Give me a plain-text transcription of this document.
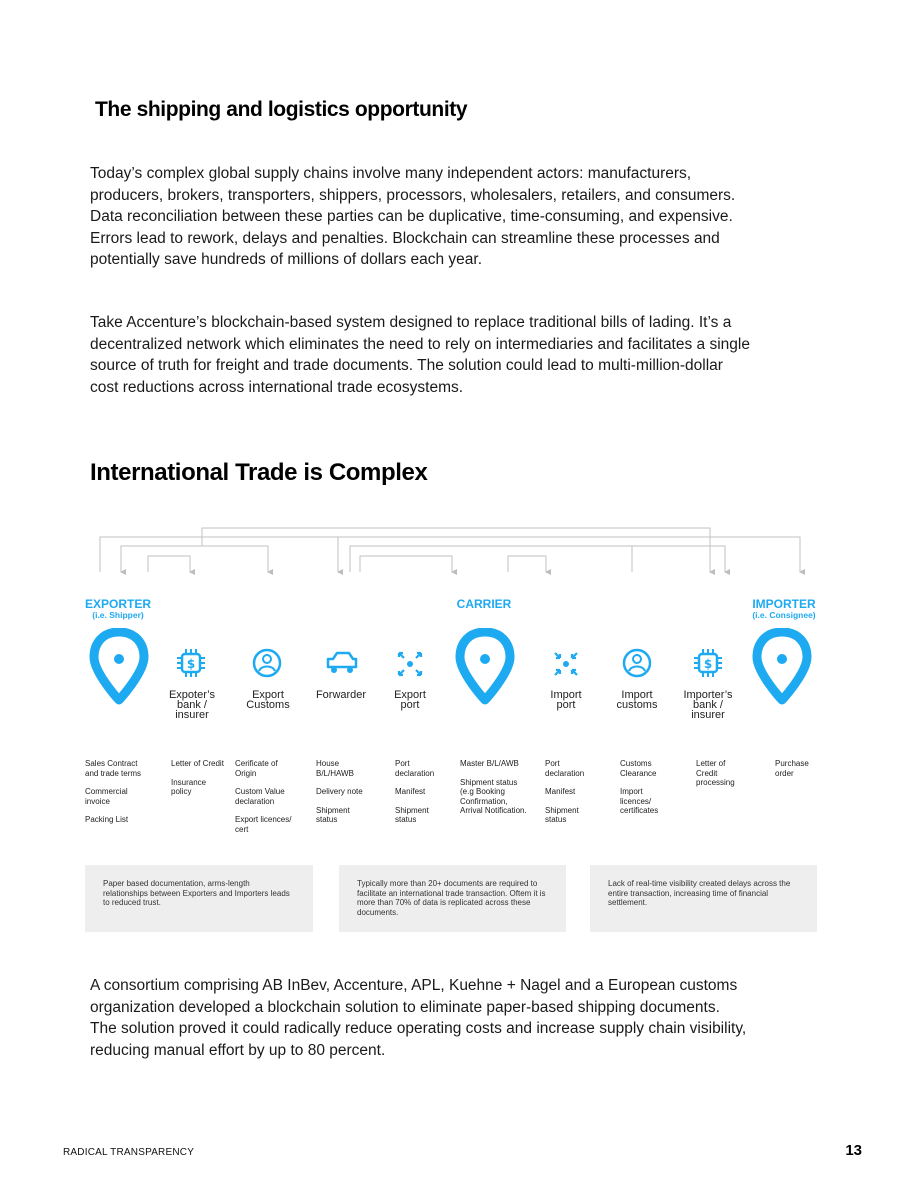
The shipping and logistics opportunity

Today’s complex global supply chains involve many independent actors: manufacturers, producers, brokers, transporters, shippers, processors, wholesalers, retailers, and consumers. Data reconciliation between these parties can be duplicative, time-consuming, and expensive. Errors lead to rework, delays and penalties. Blockchain can streamline these processes and potentially save hundreds of millions of dollars each year.

Take Accenture’s blockchain-based system designed to replace traditional bills of lading. It’s a decentralized network which eliminates the need to rely on intermediaries and facilitates a single source of truth for freight and trade documents. The solution could lead to multi-million-dollar cost reductions across international trade ecosystems.

International Trade is Complex
EXPORTER
(i.e. Shipper)
CARRIER	IMPORTER
(i.e. Consignee)
$	$
Expoter’s
bank /
insurer
Export
Customs
Forwarder	Export
port
Import
port
Import
customs
Importer’s
bank /
insurer
Sales Contract and trade terms
Commercial invoice
Packing List
Letter of Credit
Insurance policy
Cerificate of Origin
Custom Value declaration
Export licences/ cert
House B/L/HAWB
Delivery note
Shipment status
Port declaration
Manifest
Shipment status
Master B/L/AWB
Shipment status (e.g Booking Confirmation, Arrival Notification.
Port declaration
Manifest
Shipment status
Customs Clearance
Import licences/ certificates
Letter of Credit processing
Purchase order

Paper based documentation, arms-length relationships between Exporters and Importers leads to reduced trust.

Typically more than 20+ documents are required to facilitate an international trade transaction. Oftem it is more than 70% of data is replicated across these documents.

Lack of real-time visibility created delays across the entire transaction, increasing time of financial settlement.

A consortium comprising AB InBev, Accenture, APL, Kuehne + Nagel and a European customs organization developed a blockchain solution to eliminate paper-based shipping documents. The solution proved it could radically reduce operating costs and increase supply chain visibility, reducing manual effort by up to 80 percent.

RADICAL TRANSPARENCY	13
